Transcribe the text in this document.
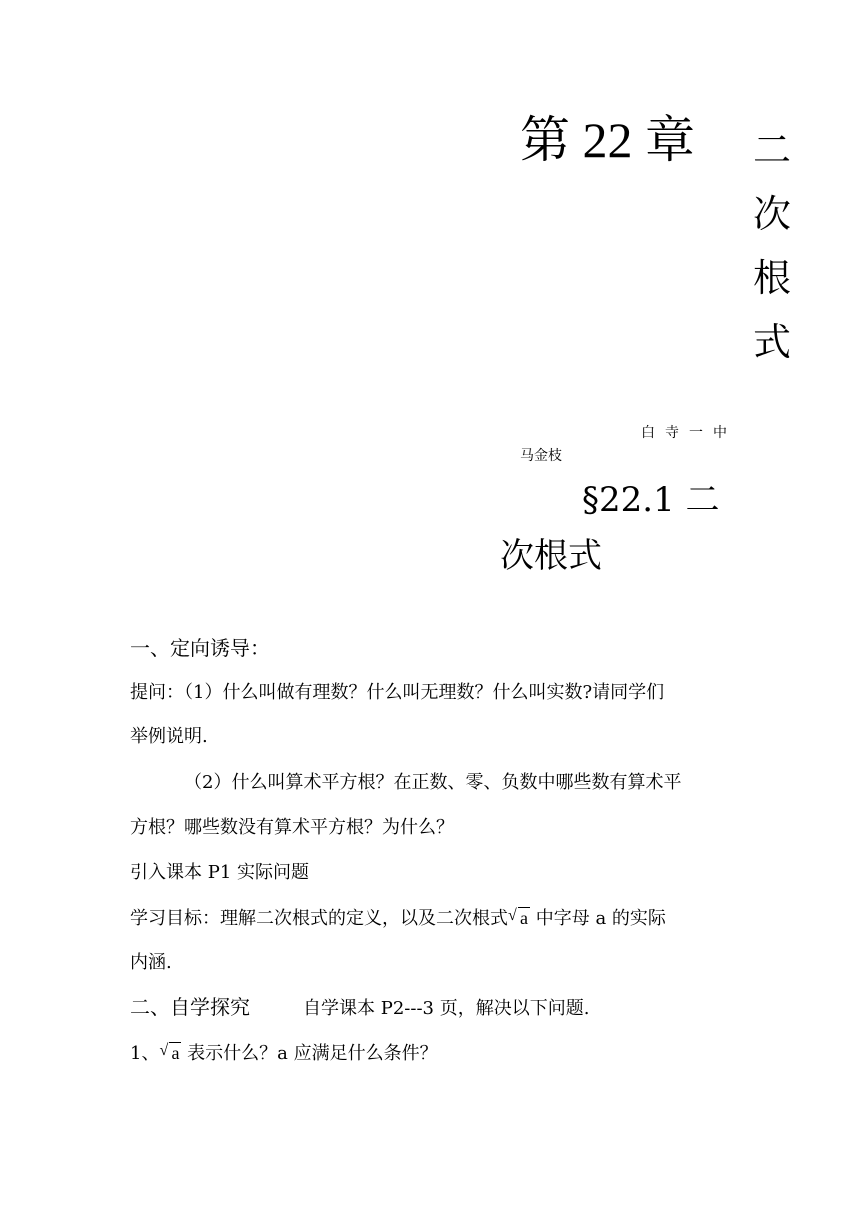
第 22 章 二
次
根
式
白寺一中
马金枝
§22.1 二
次根式
一、定向诱导：
提问：（1）什么叫做有理数？什么叫无理数？什么叫实数?请同学们
举例说明.
（2）什么叫算术平方根？在正数、零、负数中哪些数有算术平
方根？哪些数没有算术平方根？为什么？
引入课本 P1 实际问题
学习目标：理解二次根式的定义，以及二次根式 √ a 中字母 a 的实际
内涵.
二、自学探究	自学课本 P2---3 页，解决以下问题.
1、 √ a 表示什么？a 应满足什么条件？
